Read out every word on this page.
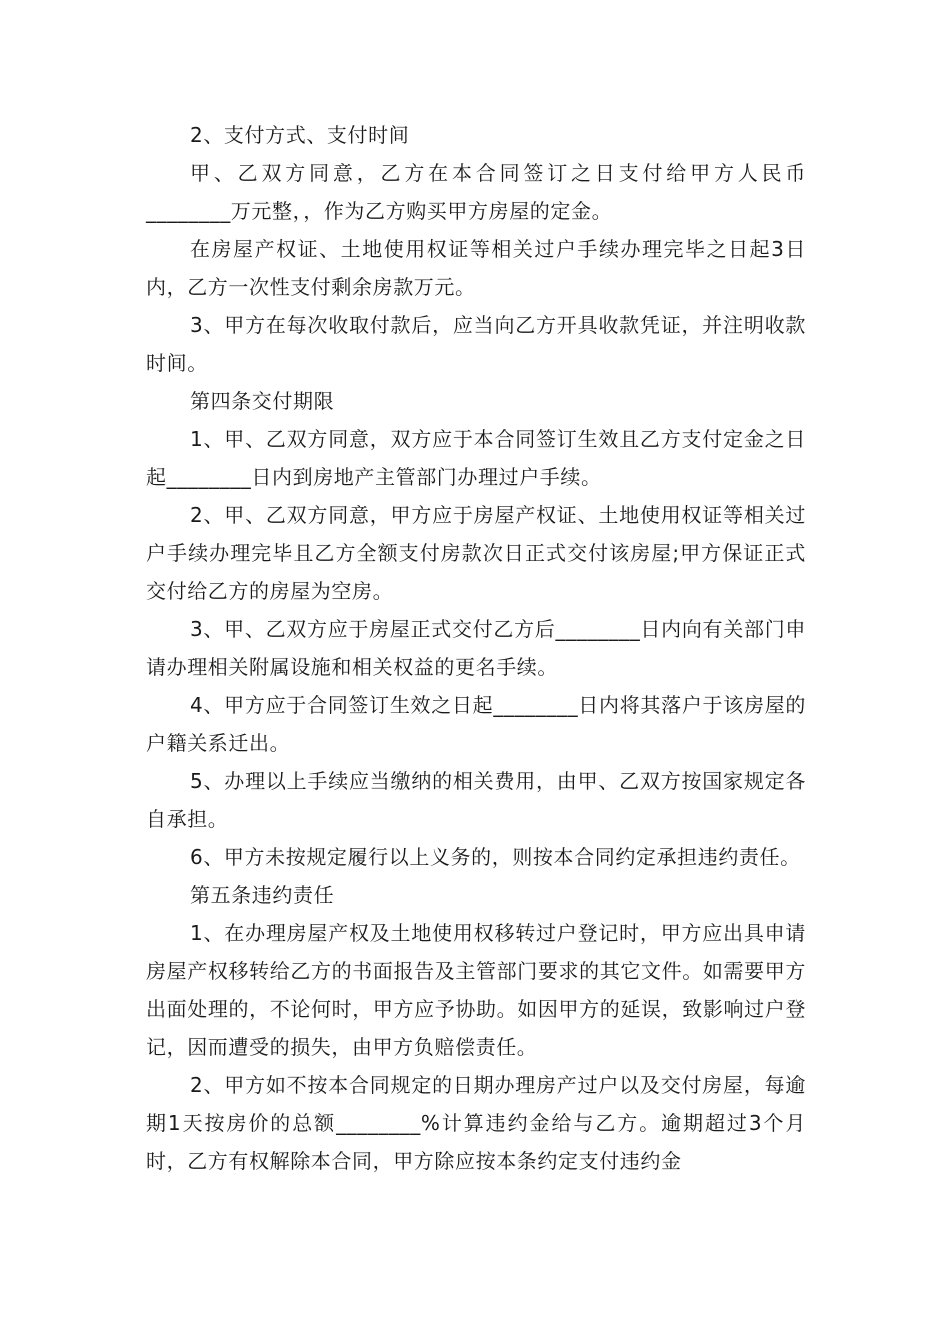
2、支付方式、支付时间

甲、乙双方同意，乙方在本合同签订之日支付给甲方人民币________万元整，，作为乙方购买甲方房屋的定金。

在房屋产权证、土地使用权证等相关过户手续办理完毕之日起3日内，乙方一次性支付剩余房款万元。

3、甲方在每次收取付款后，应当向乙方开具收款凭证，并注明收款时间。

第四条交付期限

1、甲、乙双方同意，双方应于本合同签订生效且乙方支付定金之日起________日内到房地产主管部门办理过户手续。

2、甲、乙双方同意，甲方应于房屋产权证、土地使用权证等相关过户手续办理完毕且乙方全额支付房款次日正式交付该房屋;甲方保证正式交付给乙方的房屋为空房。

3、甲、乙双方应于房屋正式交付乙方后________日内向有关部门申请办理相关附属设施和相关权益的更名手续。

4、甲方应于合同签订生效之日起________日内将其落户于该房屋的户籍关系迁出。

5、办理以上手续应当缴纳的相关费用，由甲、乙双方按国家规定各自承担。

6、甲方未按规定履行以上义务的，则按本合同约定承担违约责任。

第五条违约责任

1、在办理房屋产权及土地使用权移转过户登记时，甲方应出具申请房屋产权移转给乙方的书面报告及主管部门要求的其它文件。如需要甲方出面处理的，不论何时，甲方应予协助。如因甲方的延误，致影响过户登记，因而遭受的损失，由甲方负赔偿责任。

2、甲方如不按本合同规定的日期办理房产过户以及交付房屋，每逾期1天按房价的总额________%计算违约金给与乙方。逾期超过3个月时，乙方有权解除本合同，甲方除应按本条约定支付违约金
